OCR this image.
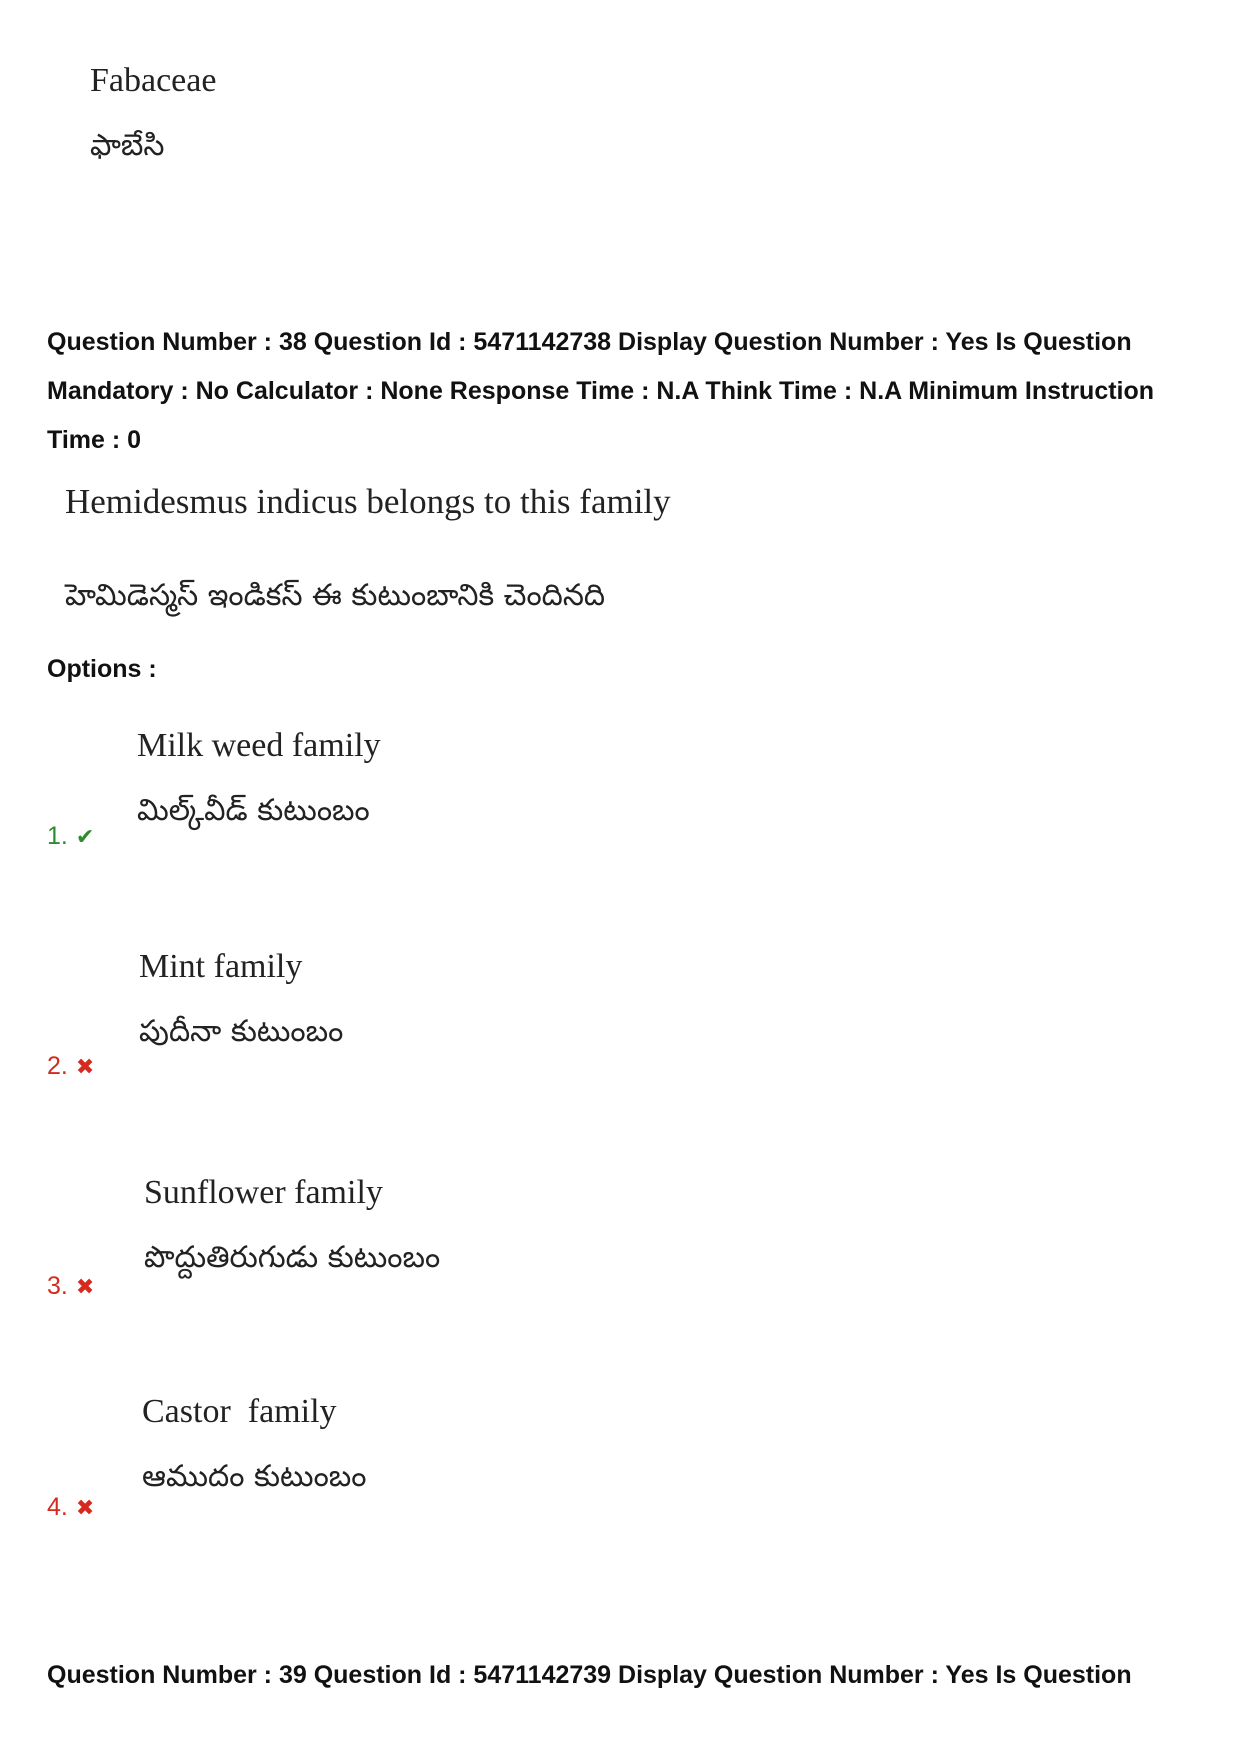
Fabaceae
ఫాబేసి
Question Number : 38 Question Id : 5471142738 Display Question Number : Yes Is Question
Mandatory : No Calculator : None Response Time : N.A Think Time : N.A Minimum Instruction
Time : 0
Hemidesmus indicus belongs to this family
హెమిడెస్మస్ ఇండికస్ ఈ కుటుంబానికి చెందినది
Options :
Milk weed family
మిల్క్‌వీడ్ కుటుంబం
1. ✔
Mint family
పుదీనా కుటుంబం
2. ✖
Sunflower family
పొద్దుతిరుగుడు కుటుంబం
3. ✖
Castor  family
ఆముదం కుటుంబం
4. ✖
Question Number : 39 Question Id : 5471142739 Display Question Number : Yes Is Question
